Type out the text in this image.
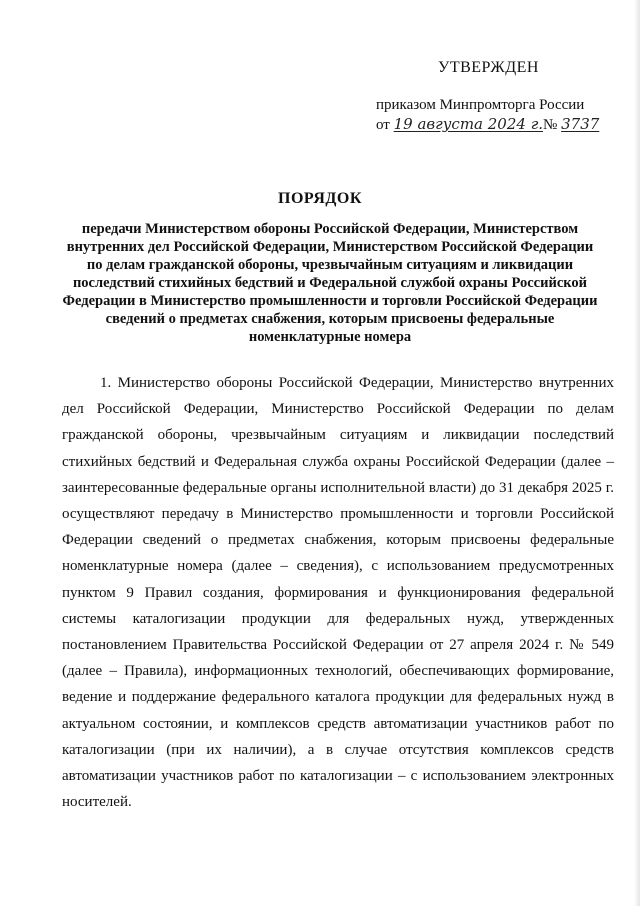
УТВЕРЖДЕН
приказом Минпромторга России
от 19 августа 2024 г.№ 3737
ПОРЯДОК
передачи Министерством обороны Российской Федерации, Министерством внутренних дел Российской Федерации, Министерством Российской Федерации по делам гражданской обороны, чрезвычайным ситуациям и ликвидации последствий стихийных бедствий и Федеральной службой охраны Российской Федерации в Министерство промышленности и торговли Российской Федерации сведений о предметах снабжения, которым присвоены федеральные номенклатурные номера
1. Министерство обороны Российской Федерации, Министерство внутренних дел Российской Федерации, Министерство Российской Федерации по делам гражданской обороны, чрезвычайным ситуациям и ликвидации последствий стихийных бедствий и Федеральная служба охраны Российской Федерации (далее – заинтересованные федеральные органы исполнительной власти) до 31 декабря 2025 г. осуществляют передачу в Министерство промышленности и торговли Российской Федерации сведений о предметах снабжения, которым присвоены федеральные номенклатурные номера (далее – сведения), с использованием предусмотренных пунктом 9 Правил создания, формирования и функционирования федеральной системы каталогизации продукции для федеральных нужд, утвержденных постановлением Правительства Российской Федерации от 27 апреля 2024 г. № 549 (далее – Правила), информационных технологий, обеспечивающих формирование, ведение и поддержание федерального каталога продукции для федеральных нужд в актуальном состоянии, и комплексов средств автоматизации участников работ по каталогизации (при их наличии), а в случае отсутствия комплексов средств автоматизации участников работ по каталогизации – с использованием электронных носителей.
